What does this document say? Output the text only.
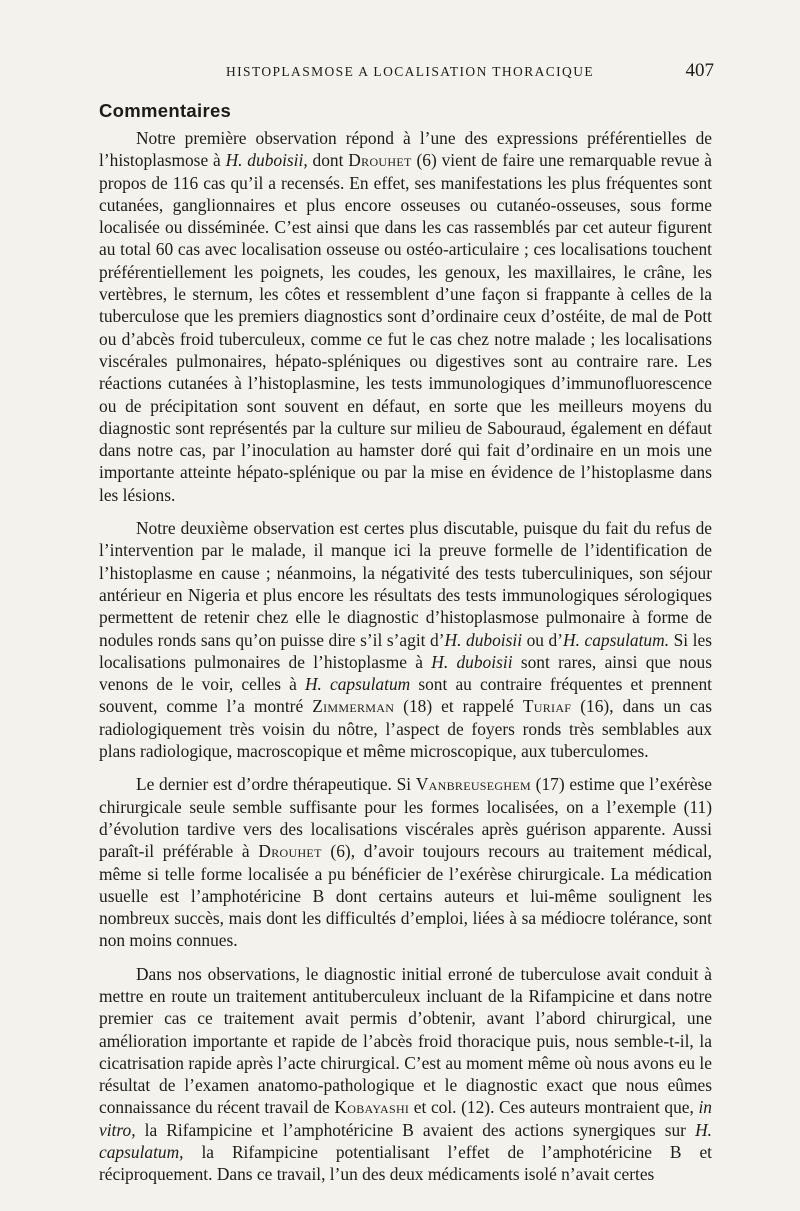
HISTOPLASMOSE A LOCALISATION THORACIQUE	407
Commentaires

Notre première observation répond à l’une des expressions préférentielles de l’histoplasmose à H. duboisii, dont Drouhet (6) vient de faire une remarquable revue à propos de 116 cas qu’il a recensés. En effet, ses manifestations les plus fréquentes sont cutanées, ganglionnaires et plus encore osseuses ou cutanéo-osseuses, sous forme localisée ou disséminée. C’est ainsi que dans les cas rassemblés par cet auteur figurent au total 60 cas avec localisation osseuse ou ostéo-articulaire ; ces localisations touchent préférentiellement les poignets, les coudes, les genoux, les maxillaires, le crâne, les vertèbres, le sternum, les côtes et ressemblent d’une façon si frappante à celles de la tuberculose que les premiers diagnostics sont d’ordinaire ceux d’ostéite, de mal de Pott ou d’abcès froid tuberculeux, comme ce fut le cas chez notre malade ; les localisations viscérales pulmonaires, hépato-spléniques ou digestives sont au contraire rare. Les réactions cutanées à l’histoplasmine, les tests immunologiques d’immunofluorescence ou de précipitation sont souvent en défaut, en sorte que les meilleurs moyens du diagnostic sont représentés par la culture sur milieu de Sabouraud, également en défaut dans notre cas, par l’inoculation au hamster doré qui fait d’ordinaire en un mois une importante atteinte hépato-splénique ou par la mise en évidence de l’histoplasme dans les lésions.

Notre deuxième observation est certes plus discutable, puisque du fait du refus de l’intervention par le malade, il manque ici la preuve formelle de l’identification de l’histoplasme en cause ; néanmoins, la négativité des tests tuberculiniques, son séjour antérieur en Nigeria et plus encore les résultats des tests immunologiques sérologiques permettent de retenir chez elle le diagnostic d’histoplasmose pulmonaire à forme de nodules ronds sans qu’on puisse dire s’il s’agit d’H. duboisii ou d’H. capsulatum. Si les localisations pulmonaires de l’histoplasme à H. duboisii sont rares, ainsi que nous venons de le voir, celles à H. capsulatum sont au contraire fréquentes et prennent souvent, comme l’a montré Zimmerman (18) et rappelé Turiaf (16), dans un cas radiologiquement très voisin du nôtre, l’aspect de foyers ronds très semblables aux plans radiologique, macroscopique et même microscopique, aux tuberculomes.

Le dernier est d’ordre thérapeutique. Si Vanbreuseghem (17) estime que l’exérèse chirurgicale seule semble suffisante pour les formes localisées, on a l’exemple (11) d’évolution tardive vers des localisations viscérales après guérison apparente. Aussi paraît-il préférable à Drouhet (6), d’avoir toujours recours au traitement médical, même si telle forme localisée a pu bénéficier de l’exérèse chirurgicale. La médication usuelle est l’amphotéricine B dont certains auteurs et lui-même soulignent les nombreux succès, mais dont les difficultés d’emploi, liées à sa médiocre tolérance, sont non moins connues.

Dans nos observations, le diagnostic initial erroné de tuberculose avait conduit à mettre en route un traitement antituberculeux incluant de la Rifampicine et dans notre premier cas ce traitement avait permis d’obtenir, avant l’abord chirurgical, une amélioration importante et rapide de l’abcès froid thoracique puis, nous semble-t-il, la cicatrisation rapide après l’acte chirurgical. C’est au moment même où nous avons eu le résultat de l’examen anatomo-pathologique et le diagnostic exact que nous eûmes connaissance du récent travail de Kobayashi et col. (12). Ces auteurs montraient que, in vitro, la Rifampicine et l’amphotéricine B avaient des actions synergiques sur H. capsulatum, la Rifampicine potentialisant l’effet de l’amphotéricine B et réciproquement. Dans ce travail, l’un des deux médicaments isolé n’avait certes
